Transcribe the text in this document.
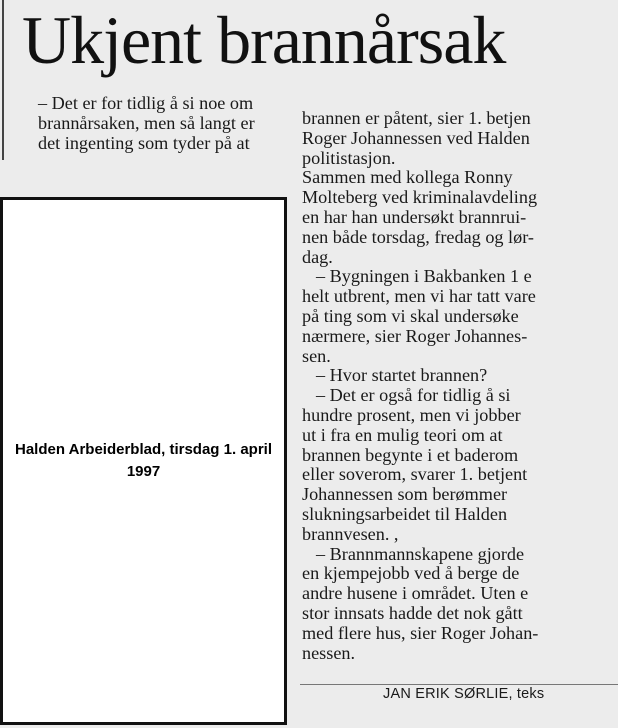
Ukjent brannårsak
– Det er for tidlig å si noe om
brannårsaken, men så langt er
det ingenting som tyder på at
brannen er påtent, sier 1. betjen
Roger Johannessen ved Halden
politistasjon.
Sammen med kollega Ronny
Molteberg ved kriminalavdeling
en har han undersøkt brannrui-
nen både torsdag, fredag og lør-
dag.
– Bygningen i Bakbanken 1 e
helt utbrent, men vi har tatt vare
på ting som vi skal undersøke
nærmere, sier Roger Johannes-
sen.
– Hvor startet brannen?
– Det er også for tidlig å si
hundre prosent, men vi jobber
ut i fra en mulig teori om at
brannen begynte i et baderom
eller soverom, svarer 1. betjent
Johannessen som berømmer
slukningsarbeidet til Halden
brannvesen. ,
– Brannmannskapene gjorde
en kjempejobb ved å berge de
andre husene i området. Uten e
stor innsats hadde det nok gått
med flere hus, sier Roger Johan-
nessen.
Halden Arbeiderblad, tirsdag 1. april 1997
JAN ERIK SØRLIE, teks
